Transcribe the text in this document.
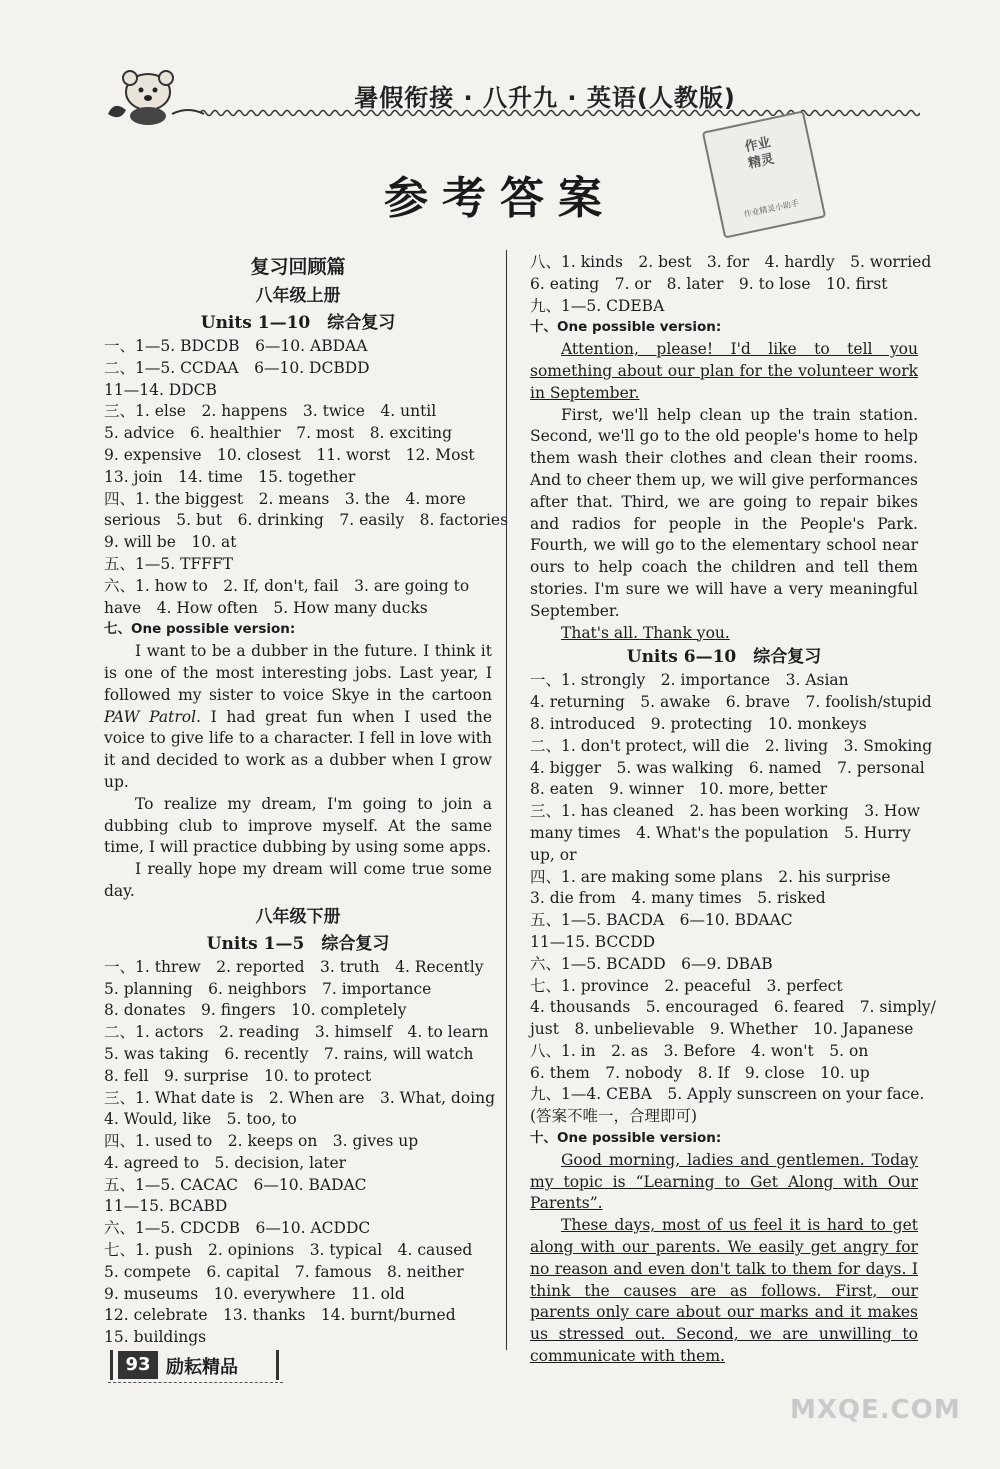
暑假衔接 · 八升九 · 英语(人教版)
参考答案
作业
精灵
作业精灵小助手
复习回顾篇
八年级上册
Units 1—10　综合复习
一、1—5. BDCDB　6—10. ABDAA
二、1—5. CCDAA　6—10. DCBDD
11—14. DDCB
三、1. else　2. happens　3. twice　4. until
5. advice　6. healthier　7. most　8. exciting
9. expensive　10. closest　11. worst　12. Most
13. join　14. time　15. together
四、1. the biggest　2. means　3. the　4. more
serious　5. but　6. drinking　7. easily　8. factories
9. will be　10. at
五、1—5. TFFFT
六、1. how to　2. If, don't, fail　3. are going to
have　4. How often　5. How many ducks
七、One possible version:
I want to be a dubber in the future. I think it is one of the most interesting jobs. Last year, I followed my sister to voice Skye in the cartoon PAW Patrol. I had great fun when I used the voice to give life to a character. I fell in love with it and decided to work as a dubber when I grow up.
To realize my dream, I'm going to join a dubbing club to improve myself. At the same time, I will practice dubbing by using some apps.
I really hope my dream will come true some day.
八年级下册
Units 1—5　综合复习
一、1. threw　2. reported　3. truth　4. Recently
5. planning　6. neighbors　7. importance
8. donates　9. fingers　10. completely
二、1. actors　2. reading　3. himself　4. to learn
5. was taking　6. recently　7. rains, will watch
8. fell　9. surprise　10. to protect
三、1. What date is　2. When are　3. What, doing
4. Would, like　5. too, to
四、1. used to　2. keeps on　3. gives up
4. agreed to　5. decision, later
五、1—5. CACAC　6—10. BADAC
11—15. BCABD
六、1—5. CDCDB　6—10. ACDDC
七、1. push　2. opinions　3. typical　4. caused
5. compete　6. capital　7. famous　8. neither
9. museums　10. everywhere　11. old
12. celebrate　13. thanks　14. burnt/burned
15. buildings
八、1. kinds　2. best　3. for　4. hardly　5. worried
6. eating　7. or　8. later　9. to lose　10. first
九、1—5. CDEBA
十、One possible version:
Attention, please! I'd like to tell you something about our plan for the volunteer work in September.
First, we'll help clean up the train station. Second, we'll go to the old people's home to help them wash their clothes and clean their rooms. And to cheer them up, we will give performances after that. Third, we are going to repair bikes and radios for people in the People's Park. Fourth, we will go to the elementary school near ours to help coach the children and tell them stories. I'm sure we will have a very meaningful September.
That's all. Thank you.
Units 6—10　综合复习
一、1. strongly　2. importance　3. Asian
4. returning　5. awake　6. brave　7. foolish/stupid
8. introduced　9. protecting　10. monkeys
二、1. don't protect, will die　2. living　3. Smoking
4. bigger　5. was walking　6. named　7. personal
8. eaten　9. winner　10. more, better
三、1. has cleaned　2. has been working　3. How
many times　4. What's the population　5. Hurry
up, or
四、1. are making some plans　2. his surprise
3. die from　4. many times　5. risked
五、1—5. BACDA　6—10. BDAAC
11—15. BCCDD
六、1—5. BCADD　6—9. DBAB
七、1. province　2. peaceful　3. perfect
4. thousands　5. encouraged　6. feared　7. simply/
just　8. unbelievable　9. Whether　10. Japanese
八、1. in　2. as　3. Before　4. won't　5. on
6. them　7. nobody　8. If　9. close　10. up
九、1—4. CEBA　5. Apply sunscreen on your face.
(答案不唯一，合理即可)
十、One possible version:
Good morning, ladies and gentlemen. Today my topic is “Learning to Get Along with Our Parents”.
These days, most of us feel it is hard to get along with our parents. We easily get angry for no reason and even don't talk to them for days. I think the causes are as follows. First, our parents only care about our marks and it makes us stressed out. Second, we are unwilling to communicate with them.
93 励耘精品
MXQE.COM
